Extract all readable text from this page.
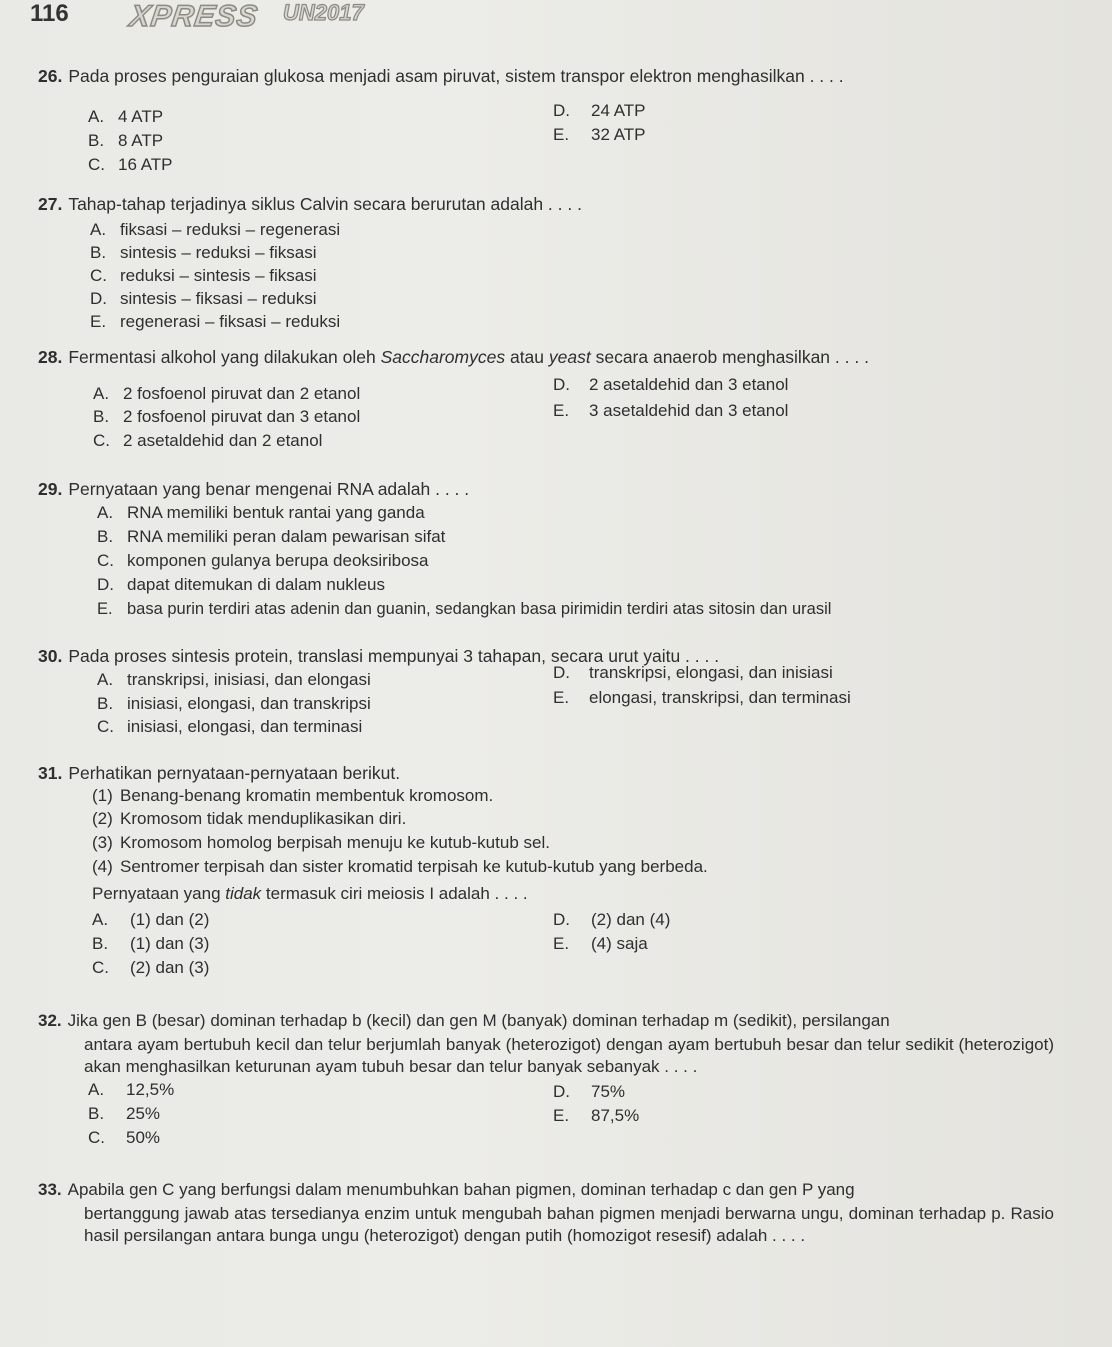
116 XPRESS UN2017
26. Pada proses penguraian glukosa menjadi asam piruvat, sistem transpor elektron menghasilkan . . . .
A. 4 ATP
B. 8 ATP
C. 16 ATP
D. 24 ATP
E. 32 ATP
27. Tahap-tahap terjadinya siklus Calvin secara berurutan adalah . . . .
A. fiksasi – reduksi – regenerasi
B. sintesis – reduksi – fiksasi
C. reduksi – sintesis – fiksasi
D. sintesis – fiksasi – reduksi
E. regenerasi – fiksasi – reduksi
28. Fermentasi alkohol yang dilakukan oleh Saccharomyces atau yeast secara anaerob menghasilkan . . . .
A. 2 fosfoenol piruvat dan 2 etanol
B. 2 fosfoenol piruvat dan 3 etanol
C. 2 asetaldehid dan 2 etanol
D. 2 asetaldehid dan 3 etanol
E. 3 asetaldehid dan 3 etanol
29. Pernyataan yang benar mengenai RNA adalah . . . .
A. RNA memiliki bentuk rantai yang ganda
B. RNA memiliki peran dalam pewarisan sifat
C. komponen gulanya berupa deoksiribosa
D. dapat ditemukan di dalam nukleus
E. basa purin terdiri atas adenin dan guanin, sedangkan basa pirimidin terdiri atas sitosin dan urasil
30. Pada proses sintesis protein, translasi mempunyai 3 tahapan, secara urut yaitu . . . .
A. transkripsi, inisiasi, dan elongasi
B. inisiasi, elongasi, dan transkripsi
C. inisiasi, elongasi, dan terminasi
D. transkripsi, elongasi, dan inisiasi
E. elongasi, transkripsi, dan terminasi
31. Perhatikan pernyataan-pernyataan berikut.
(1) Benang-benang kromatin membentuk kromosom.
(2) Kromosom tidak menduplikasikan diri.
(3) Kromosom homolog berpisah menuju ke kutub-kutub sel.
(4) Sentromer terpisah dan sister kromatid terpisah ke kutub-kutub yang berbeda.
Pernyataan yang tidak termasuk ciri meiosis I adalah . . . .
A. (1) dan (2)
B. (1) dan (3)
C. (2) dan (3)
D. (2) dan (4)
E. (4) saja
32. Jika gen B (besar) dominan terhadap b (kecil) dan gen M (banyak) dominan terhadap m (sedikit), persilangan
antara ayam bertubuh kecil dan telur berjumlah banyak (heterozigot) dengan ayam bertubuh besar dan telur sedikit (heterozigot) akan menghasilkan keturunan ayam tubuh besar dan telur banyak sebanyak . . . .
A. 12,5%
B. 25%
C. 50%
D. 75%
E. 87,5%
33. Apabila gen C yang berfungsi dalam menumbuhkan bahan pigmen, dominan terhadap c dan gen P yang
bertanggung jawab atas tersedianya enzim untuk mengubah bahan pigmen menjadi berwarna ungu, dominan terhadap p. Rasio hasil persilangan antara bunga ungu (heterozigot) dengan putih (homozigot resesif) adalah . . . .
